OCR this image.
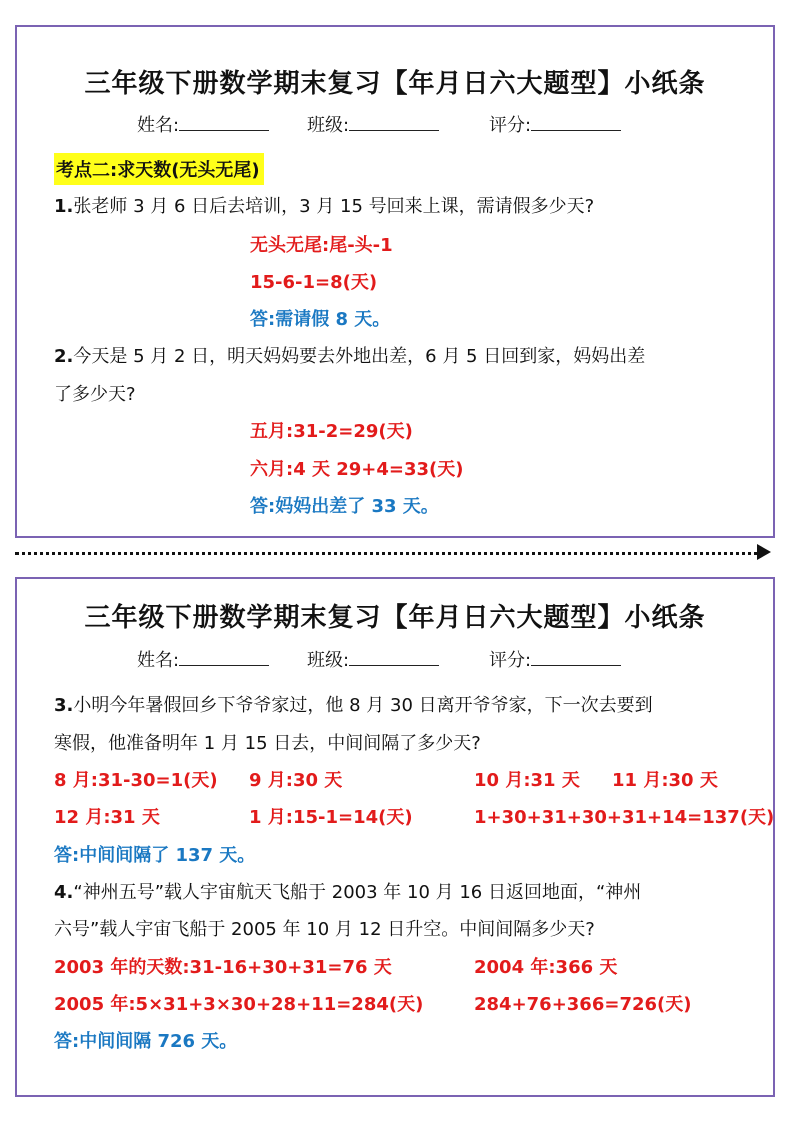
三年级下册数学期末复习【年月日六大题型】小纸条
姓名:	班级:	评分:
考点二:求天数(无头无尾)
1.张老师 3 月 6 日后去培训，3 月 15 号回来上课，需请假多少天?
无头无尾:尾-头-1
15-6-1=8(天)
答:需请假 8 天。
2.今天是 5 月 2 日，明天妈妈要去外地出差，6 月 5 日回到家，妈妈出差
了多少天?
五月:31-2=29(天)
六月:4 天 29+4=33(天)
答:妈妈出差了 33 天。
三年级下册数学期末复习【年月日六大题型】小纸条
姓名:	班级:	评分:
3.小明今年暑假回乡下爷爷家过，他 8 月 30 日离开爷爷家，下一次去要到
寒假，他准备明年 1 月 15 日去，中间间隔了多少天?
8 月:31-30=1(天) 9 月:30 天	10 月:31 天 11 月:30 天
12 月:31 天	1 月:15-1=14(天)	1+30+31+30+31+14=137(天)
答:中间间隔了 137 天。
4.“神州五号”载人宇宙航天飞船于 2003 年 10 月 16 日返回地面，“神州
六号”载人宇宙飞船于 2005 年 10 月 12 日升空。中间间隔多少天?
2003 年的天数:31-16+30+31=76 天	2004 年:366 天
2005 年:5×31+3×30+28+11=284(天)	284+76+366=726(天)
答:中间间隔 726 天。
